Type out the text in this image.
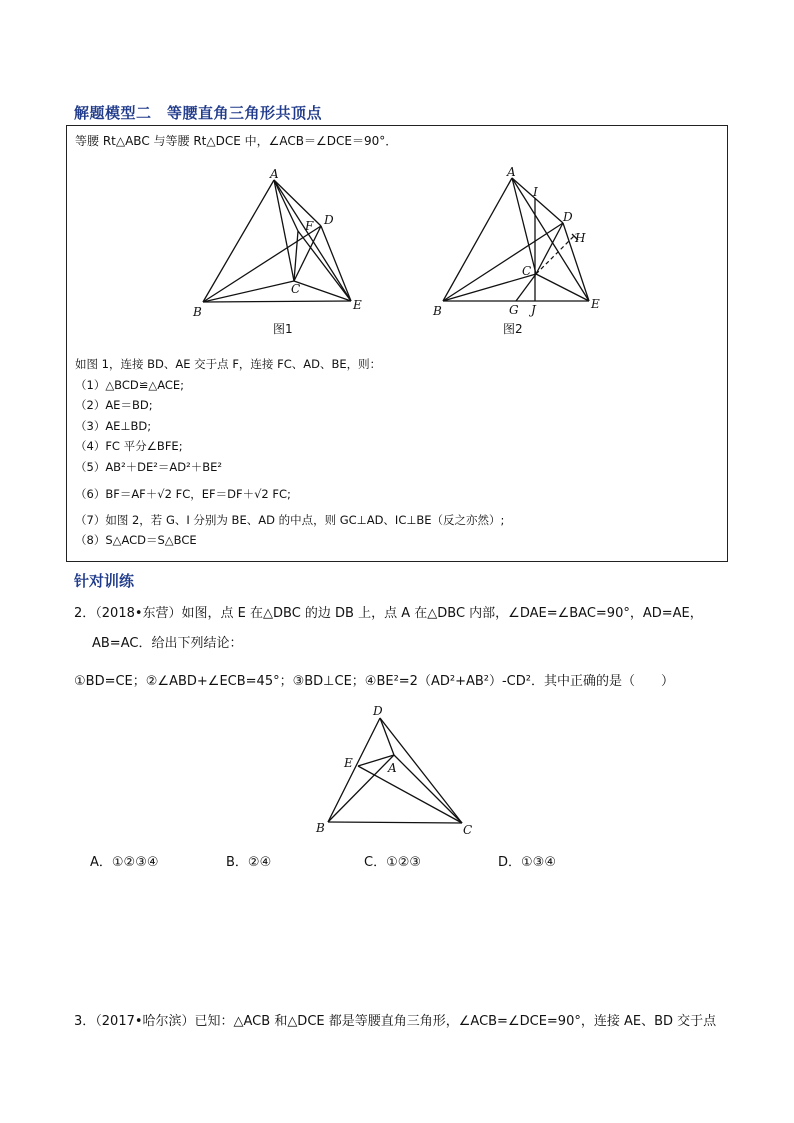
解题模型二　等腰直角三角形共顶点
等腰 Rt△ABC 与等腰 Rt△DCE 中，∠ACB＝∠DCE＝90°．
A
B
C
D
E
F
图1
A
B
C
D
E
G
H
I
J
图2
如图 1，连接 BD、AE 交于点 F，连接 FC、AD、BE，则：
（1）△BCD≌△ACE;
（2）AE＝BD;
（3）AE⊥BD;
（4）FC 平分∠BFE;
（5）AB²＋DE²＝AD²＋BE²
（6）BF＝AF＋√2 FC，EF＝DF＋√2 FC;
（7）如图 2，若 G、I 分别为 BE、AD 的中点，则 GC⊥AD、IC⊥BE（反之亦然）;
（8）S△ACD＝S△BCE
针对训练
2．（2018•东营）如图，点 E 在△DBC 的边 DB 上，点 A 在△DBC 内部，∠DAE=∠BAC=90°，AD=AE，
AB=AC．给出下列结论：
①BD=CE；②∠ABD+∠ECB=45°；③BD⊥CE；④BE²=2（AD²+AB²）-CD²．其中正确的是（　　）
D
E	A
B	C
A．①②③④	B．②④	C．①②③	D．①③④
3．（2017•哈尔滨）已知：△ACB 和△DCE 都是等腰直角三角形，∠ACB=∠DCE=90°，连接 AE、BD 交于点
